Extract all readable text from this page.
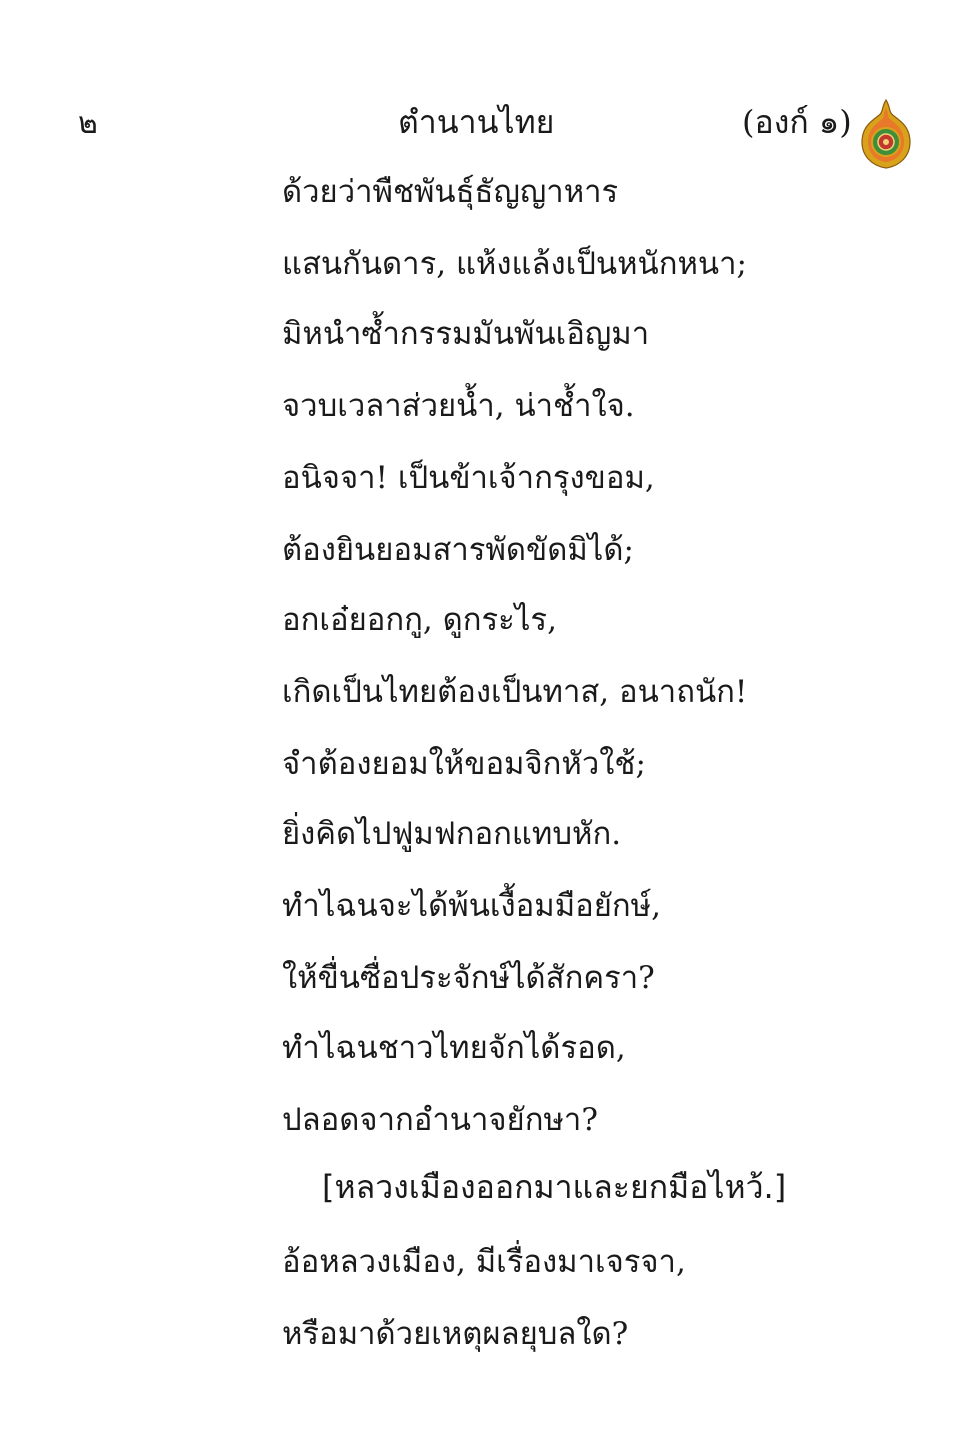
๒	ตำนานไทย	(องก์ ๑)
ด้วยว่าพืชพันธุ์ธัญญาหาร
แสนกันดาร, แห้งแล้งเป็นหนักหนา;
มิหนำซ้ำกรรมมันพันเอิญมา
จวบเวลาส่วยน้ำ, น่าช้ำใจ.
อนิจจา! เป็นข้าเจ้ากรุงขอม,
ต้องยินยอมสารพัดขัดมิได้;
อกเอ๋ยอกกู, ดูกระไร,
เกิดเป็นไทยต้องเป็นทาส, อนาถนัก!
จำต้องยอมให้ขอมจิกหัวใช้;
ยิ่งคิดไปฟูมฟกอกแทบหัก.
ทำไฉนจะได้พ้นเงื้อมมือยักษ์,
ให้ขื่นซื่อประจักษ์ได้สักครา?
ทำไฉนชาวไทยจักได้รอด,
ปลอดจากอำนาจยักษา?
อ้อหลวงเมือง, มีเรื่องมาเจรจา,
หรือมาด้วยเหตุผลยุบลใด?
[หลวงเมืองออกมาและยกมือไหว้.]
